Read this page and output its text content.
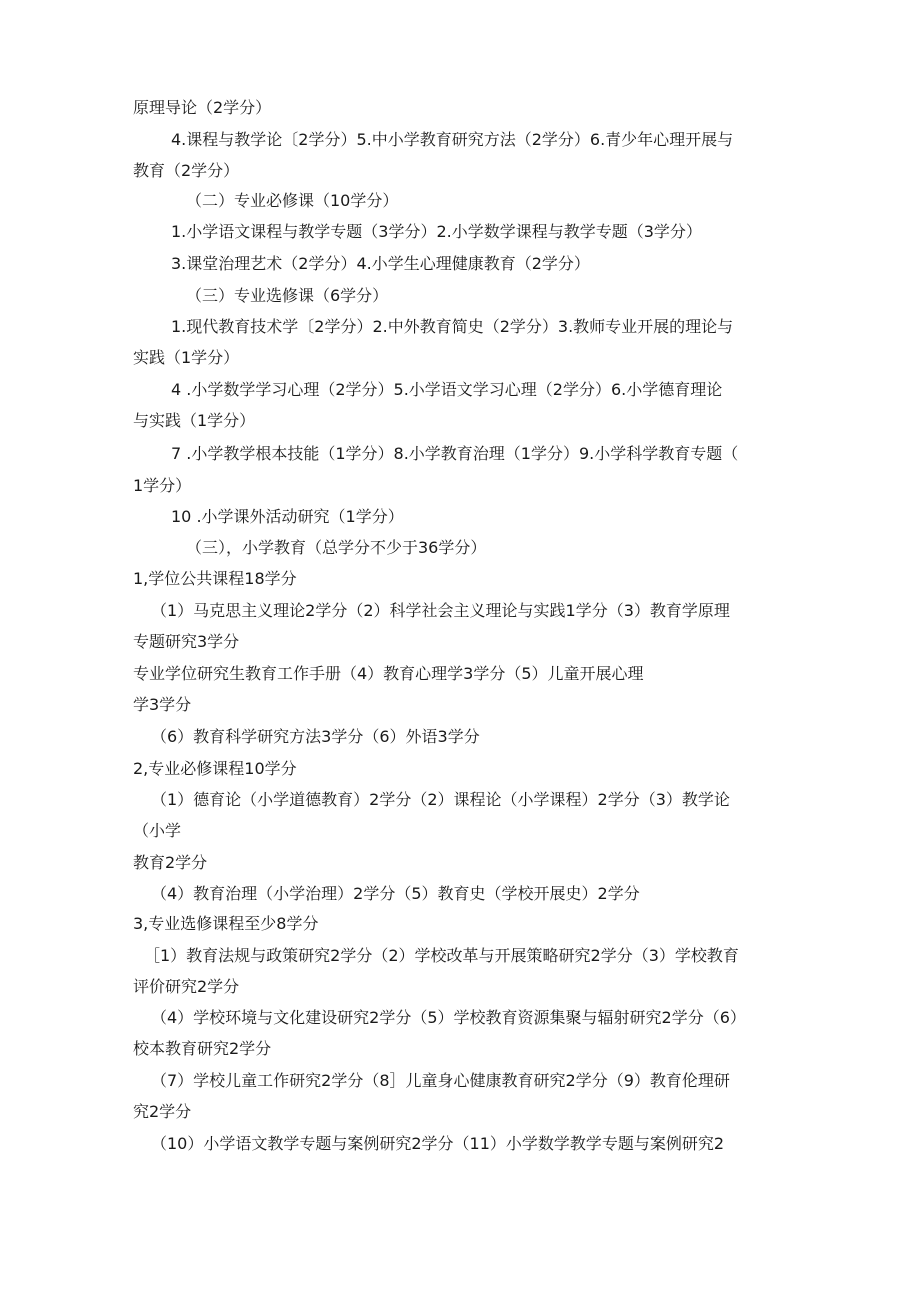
原理导论（2学分）
4.课程与教学论〔2学分）5.中小学教育研究方法（2学分）6.青少年心理开展与
教育（2学分）
（二）专业必修课（10学分）
1.小学语文课程与教学专题（3学分）2.小学数学课程与教学专题（3学分）
3.课堂治理艺术（2学分）4.小学生心理健康教育（2学分）
（三）专业选修课（6学分）
1.现代教育技术学〔2学分）2.中外教育简史（2学分）3.教师专业开展的理论与
实践（1学分）
4 .小学数学学习心理（2学分）5.小学语文学习心理（2学分）6.小学德育理论
与实践（1学分）
7 .小学教学根本技能（1学分）8.小学教育治理（1学分）9.小学科学教育专题（
1学分）
10 .小学课外活动研究（1学分）
（三），小学教育（总学分不少于36学分）
1,学位公共课程18学分
（1）马克思主义理论2学分（2）科学社会主义理论与实践1学分（3）教育学原理
专题研究3学分
专业学位研究生教育工作手册（4）教育心理学3学分（5）儿童开展心理
学3学分
（6）教育科学研究方法3学分（6）外语3学分
2,专业必修课程10学分
（1）德育论（小学道德教育）2学分（2）课程论（小学课程）2学分（3）教学论
（小学
教育2学分
（4）教育治理（小学治理）2学分（5）教育史（学校开展史）2学分
3,专业选修课程至少8学分
［1）教育法规与政策研究2学分（2）学校改革与开展策略研究2学分（3）学校教育
评价研究2学分
（4）学校环境与文化建设研究2学分（5）学校教育资源集聚与辐射研究2学分（6）
校本教育研究2学分
（7）学校儿童工作研究2学分（8］儿童身心健康教育研究2学分（9）教育伦理研
究2学分
（10）小学语文教学专题与案例研究2学分（11）小学数学教学专题与案例研究2
